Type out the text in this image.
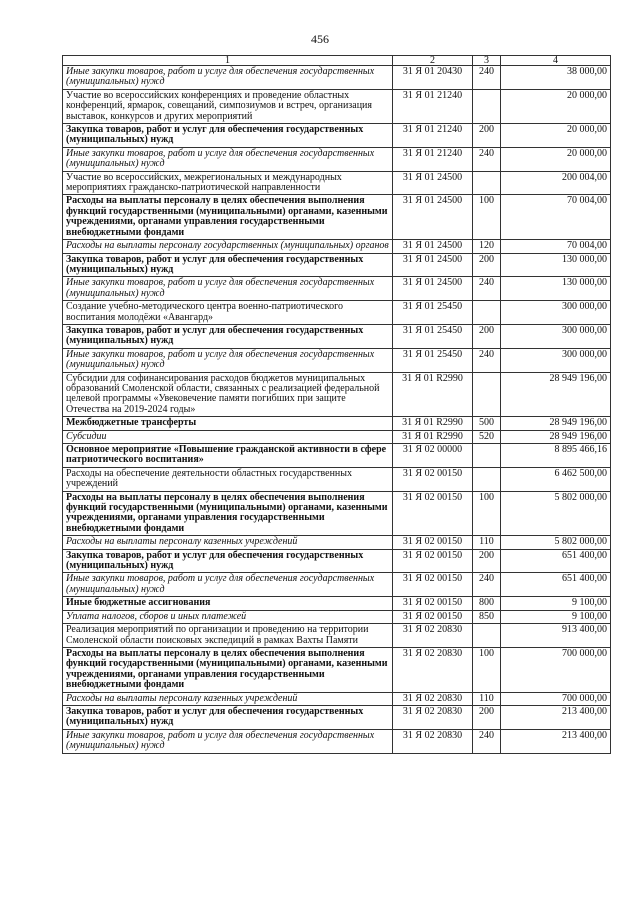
456
1	2	3	4
Иные закупки товаров, работ и услуг для обеспечения государственных (муниципальных) нужд	31 Я 01 20430	240	38 000,00
Участие во всероссийских конференциях и проведение областных конференций, ярмарок, совещаний, симпозиумов и встреч, организация выставок, конкурсов и других мероприятий	31 Я 01 21240		20 000,00
Закупка товаров, работ и услуг для обеспечения государственных (муниципальных) нужд	31 Я 01 21240	200	20 000,00
Иные закупки товаров, работ и услуг для обеспечения государственных (муниципальных) нужд	31 Я 01 21240	240	20 000,00
Участие во всероссийских, межрегиональных и международных мероприятиях гражданско-патриотической направленности	31 Я 01 24500		200 004,00
Расходы на выплаты персоналу в целях обеспечения выполнения функций государственными (муниципальными) органами, казенными учреждениями, органами управления государственными внебюджетными фондами	31 Я 01 24500	100	70 004,00
Расходы на выплаты персоналу государственных (муниципальных) органов	31 Я 01 24500	120	70 004,00
Закупка товаров, работ и услуг для обеспечения государственных (муниципальных) нужд	31 Я 01 24500	200	130 000,00
Иные закупки товаров, работ и услуг для обеспечения государственных (муниципальных) нужд	31 Я 01 24500	240	130 000,00
Создание учебно-методического центра военно-патриотического воспитания молодёжи «Авангард»	31 Я 01 25450		300 000,00
Закупка товаров, работ и услуг для обеспечения государственных (муниципальных) нужд	31 Я 01 25450	200	300 000,00
Иные закупки товаров, работ и услуг для обеспечения государственных (муниципальных) нужд	31 Я 01 25450	240	300 000,00
Субсидии для софинансирования расходов бюджетов муниципальных образований Смоленской области, связанных с реализацией федеральной целевой программы «Увековечение памяти погибших при защите Отечества на 2019-2024 годы»	31 Я 01 R2990		28 949 196,00
Межбюджетные трансферты	31 Я 01 R2990	500	28 949 196,00
Субсидии	31 Я 01 R2990	520	28 949 196,00
Основное мероприятие «Повышение гражданской активности в сфере патриотического воспитания»	31 Я 02 00000		8 895 466,16
Расходы на обеспечение деятельности областных государственных учреждений	31 Я 02 00150		6 462 500,00
Расходы на выплаты персоналу в целях обеспечения выполнения функций государственными (муниципальными) органами, казенными учреждениями, органами управления государственными внебюджетными фондами	31 Я 02 00150	100	5 802 000,00
Расходы на выплаты персоналу казенных учреждений	31 Я 02 00150	110	5 802 000,00
Закупка товаров, работ и услуг для обеспечения государственных (муниципальных) нужд	31 Я 02 00150	200	651 400,00
Иные закупки товаров, работ и услуг для обеспечения государственных (муниципальных) нужд	31 Я 02 00150	240	651 400,00
Иные бюджетные ассигнования	31 Я 02 00150	800	9 100,00
Уплата налогов, сборов и иных платежей	31 Я 02 00150	850	9 100,00
Реализация мероприятий по организации и проведению на территории Смоленской области поисковых экспедиций в рамках Вахты Памяти	31 Я 02 20830		913 400,00
Расходы на выплаты персоналу в целях обеспечения выполнения функций государственными (муниципальными) органами, казенными учреждениями, органами управления государственными внебюджетными фондами	31 Я 02 20830	100	700 000,00
Расходы на выплаты персоналу казенных учреждений	31 Я 02 20830	110	700 000,00
Закупка товаров, работ и услуг для обеспечения государственных (муниципальных) нужд	31 Я 02 20830	200	213 400,00
Иные закупки товаров, работ и услуг для обеспечения государственных (муниципальных) нужд	31 Я 02 20830	240	213 400,00
